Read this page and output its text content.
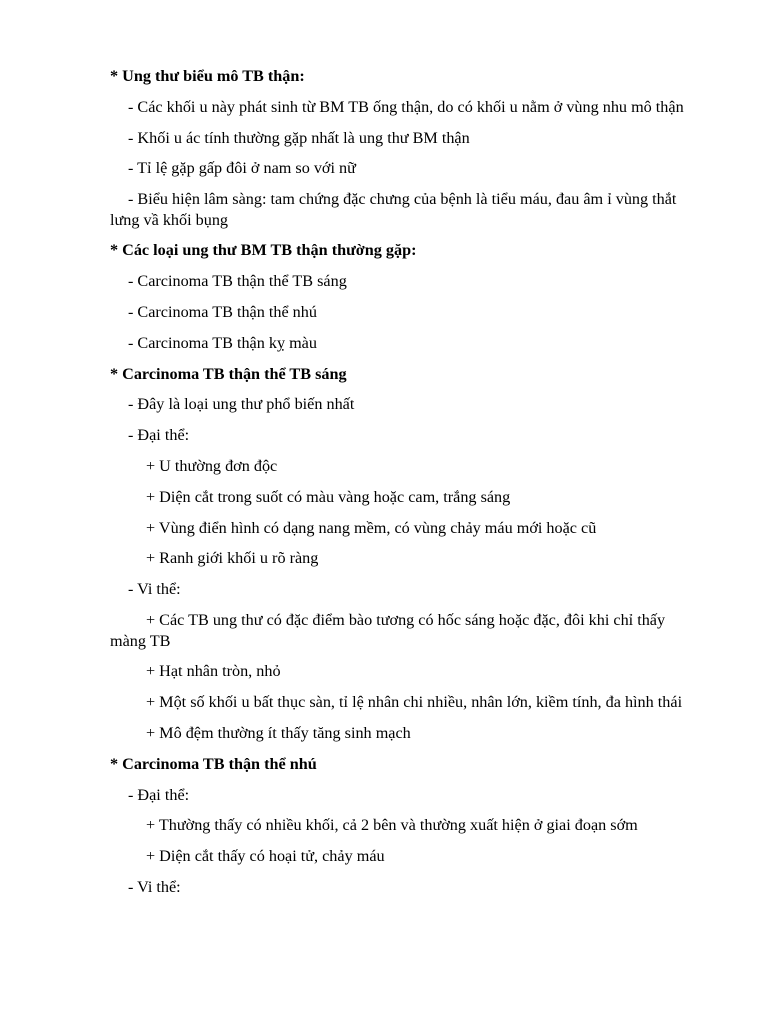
* Ung thư biểu mô TB thận:

- Các khối u này phát sinh từ BM TB ống thận, do có khối u nằm ở vùng nhu mô thận

- Khối u ác tính thường gặp nhất là ung thư BM thận

- Tỉ lệ gặp gấp đôi ở nam so với nữ

- Biểu hiện lâm sàng: tam chứng đặc chưng của bệnh là tiểu máu, đau âm ỉ vùng thắt lưng vầ khối bụng

* Các loại ung thư BM TB thận thường gặp:

- Carcinoma TB thận thể TB sáng

- Carcinoma TB thận thể nhú

- Carcinoma TB thận kỵ màu

* Carcinoma TB thận thể TB sáng

- Đây là loại ung thư phổ biến nhất

- Đại thể:

+ U thường đơn độc

+ Diện cắt trong suốt có màu vàng hoặc cam, trắng sáng

+ Vùng điển hình có dạng nang mềm, có vùng chảy máu mới hoặc cũ

+ Ranh giới khối u rõ ràng

- Vi thể:

+ Các TB ung thư có đặc điểm bào tương có hốc sáng hoặc đặc, đôi khi chỉ thấy màng TB

+ Hạt nhân tròn, nhỏ

+ Một số khối u bất thục sàn, tỉ lệ nhân chi nhiều, nhân lớn, kiềm tính, đa hình thái

+ Mô đệm thường ít thấy tăng sinh mạch

* Carcinoma TB thận thể nhú

- Đại thể:

+ Thường thấy có nhiều khối, cả 2 bên và thường xuất hiện ở giai đoạn sớm

+ Diện cắt thấy có hoại tử, chảy máu

- Vi thể:
